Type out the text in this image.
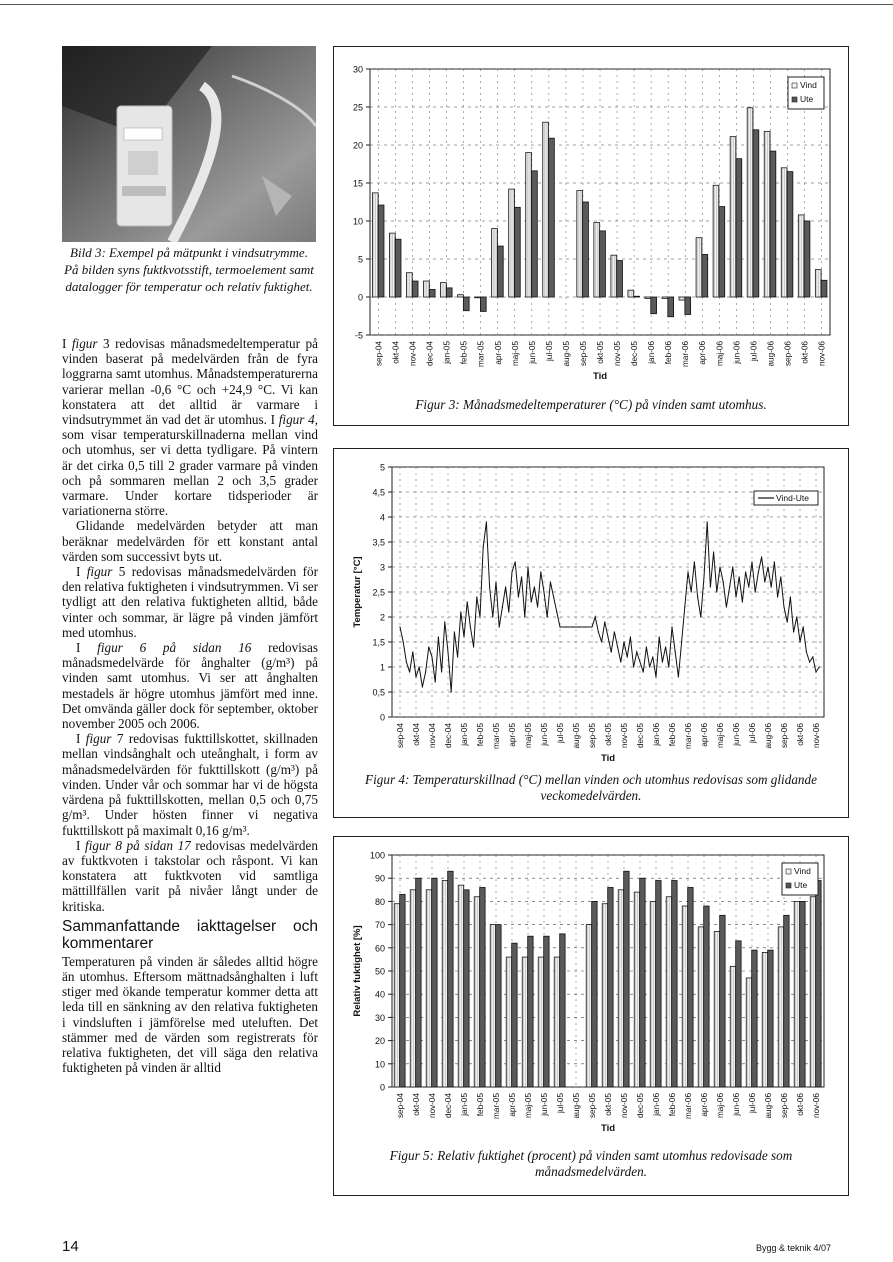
Bild 3: Exempel på mätpunkt i vindsutrymme. På bilden syns fuktkvotsstift, termoelement samt datalogger för temperatur och relativ fuktighet.

I figur 3 redovisas månadsmedeltemperatur på vinden baserat på medelvärden från de fyra loggrarna samt utomhus. Månadstemperaturerna varierar mellan -0,6 °C och +24,9 °C. Vi kan konstatera att det alltid är varmare i vindsutrymmet än vad det är utomhus. I figur 4, som visar temperaturskillnaderna mellan vind och utomhus, ser vi detta tydligare. På vintern är det cirka 0,5 till 2 grader varmare på vinden och på sommaren mellan 2 och 3,5 grader varmare. Under kortare tidsperioder är variationerna större.

Glidande medelvärden betyder att man beräknar medelvärden för ett konstant antal värden som successivt byts ut.

I figur 5 redovisas månadsmedelvärden för den relativa fuktigheten i vindsutrymmen. Vi ser tydligt att den relativa fuktigheten alltid, både vinter och sommar, är lägre på vinden jämfört med utomhus.

I figur 6 på sidan 16 redovisas månadsmedelvärde för ånghalter (g/m³) på vinden samt utomhus. Vi ser att ånghalten mestadels är högre utomhus jämfört med inne. Det omvända gäller dock för september, oktober november 2005 och 2006.

I figur 7 redovisas fukttillskottet, skillnaden mellan vindsånghalt och uteånghalt, i form av månadsmedelvärden för fukttillskott (g/m³) på vinden. Under vår och sommar har vi de högsta värdena på fukttillskotten, mellan 0,5 och 0,75 g/m³. Under hösten finner vi negativa fukttillskott på maximalt 0,16 g/m³.

I figur 8 på sidan 17 redovisas medelvärden av fuktkvoten i takstolar och råspont. Vi kan konstatera att fuktkvoten vid samtliga mättillfällen varit på nivåer långt under de kritiska.

Sammanfattande iakttagelser och kommentarer

Temperaturen på vinden är således alltid högre än utomhus. Eftersom mättnadsånghalten i luft stiger med ökande temperatur kommer detta att leda till en sänkning av den relativa fuktigheten i vindsluften i jämförelse med uteluften. Det stämmer med de värden som registrerats för relativa fuktigheten, det vill säga den relativa fuktigheten på vinden är alltid

-5
0
5
10
15
20
25
30
sep-04 okt-04 nov-04 dec-04 jan-05 feb-05 mar-05 apr-05 maj-05 jun-05 jul-05 aug-05 sep-05 okt-05 nov-05 dec-05 jan-06 feb-06 mar-06 apr-06 maj-06 jun-06 jul-06 aug-06 sep-06 okt-06 nov-06
Tid
Vind
Ute
Figur 3: Månadsmedeltemperaturer (°C) på vinden samt utomhus.
0
0,5
1
1,5
2
2,5
3
3,5
4
4,5
5
sep-04 okt-04 nov-04 dec-04 jan-05 feb-05 mar-05 apr-05 maj-05 jun-05 jul-05 aug-05 sep-05 okt-05 nov-05 dec-05 jan-06 feb-06 mar-06 apr-06 maj-06 jun-06 jul-06 aug-06 sep-06 okt-06 nov-06
Tid
Temperatur [°C]
Vind-Ute
Figur 4: Temperaturskillnad (°C) mellan vinden och utomhus redovisas som glidande veckomedelvärden.
0
10
20
30
40
50
60
70
80
90
100
sep-04 okt-04 nov-04 dec-04 jan-05 feb-05 mar-05 apr-05 maj-05 jun-05 jul-05 aug-05 sep-05 okt-05 nov-05 dec-05 jan-06 feb-06 mar-06 apr-06 maj-06 jun-06 jul-06 aug-06 sep-06 okt-06 nov-06
Tid
Relativ fuktighet [%]
Vind
Ute
Figur 5: Relativ fuktighet (procent) på vinden samt utomhus redovisade som månadsmedelvärden.
14	Bygg & teknik 4/07
